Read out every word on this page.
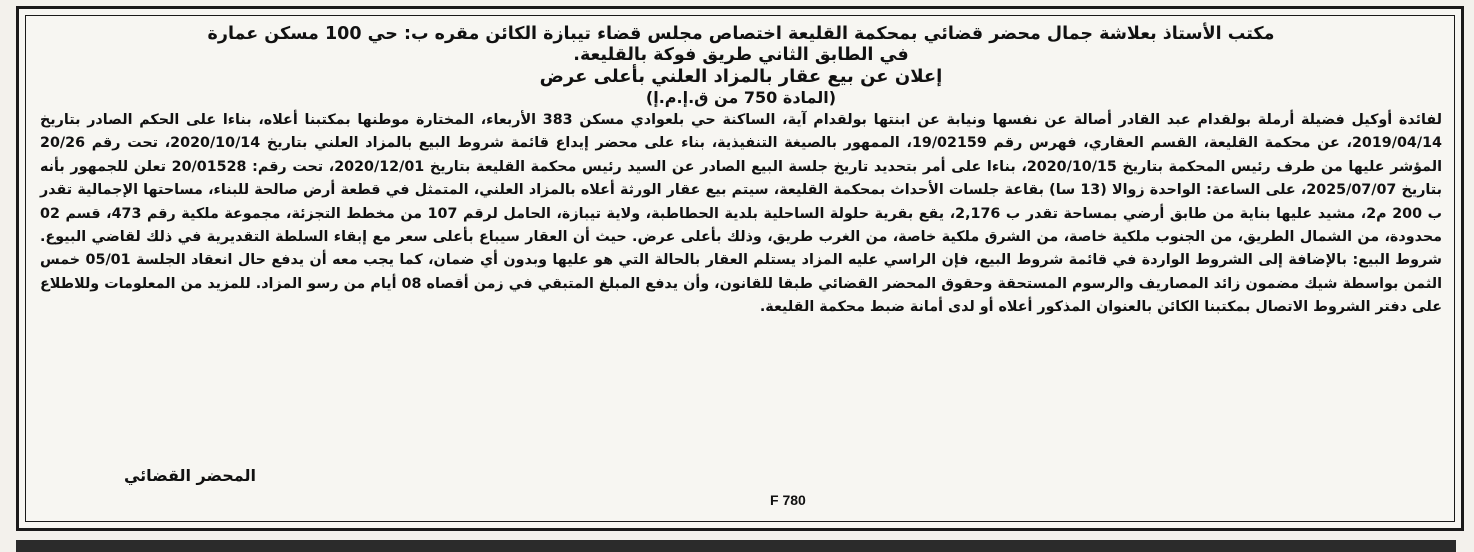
مكتب الأستاذ بعلاشة جمال محضر قضائي بمحكمة القليعة اختصاص مجلس قضاء تيبازة الكائن مقره ب: حي 100 مسكن عمارة
في الطابق الثاني طريق فوكة بالقليعة.
إعلان عن بيع عقار بالمزاد العلني بأعلى عرض
(المادة 750 من ق.إ.م.إ)
لفائدة أوكيل فضيلة أرملة بولقدام عبد القادر أصالة عن نفسها ونيابة عن ابنتها بولقدام آية، الساكنة حي بلعوادي مسكن 383 الأربعاء، المختارة موطنها بمكتبنا أعلاه، بناءا على الحكم الصادر بتاريخ 2019/04/14، عن محكمة القليعة، القسم العقاري، فهرس رقم 19/02159، الممهور بالصيغة التنفيذية، بناء على محضر إيداع قائمة شروط البيع بالمزاد العلني بتاريخ 2020/10/14، تحت رقم 20/26 المؤشر عليها من طرف رئيس المحكمة بتاريخ 2020/10/15، بناءا على أمر بتحديد تاريخ جلسة البيع الصادر عن السيد رئيس محكمة القليعة بتاريخ 2020/12/01، تحت رقم: 20/01528 تعلن للجمهور بأنه بتاريخ 2025/07/07، على الساعة: الواحدة زوالا (13 سا) بقاعة جلسات الأحداث بمحكمة القليعة، سيتم بيع عقار الورثة أعلاه بالمزاد العلني، المتمثل في قطعة أرض صالحة للبناء، مساحتها الإجمالية تقدر ب 200 م2، مشيد عليها بناية من طابق أرضي بمساحة تقدر ب 2,176، يقع بقرية حلولة الساحلية بلدية الحطاطبة، ولاية تيبازة، الحامل لرقم 107 من مخطط التجزئة، مجموعة ملكية رقم 473، قسم 02 محدودة، من الشمال الطريق، من الجنوب ملكية خاصة، من الشرق ملكية خاصة، من الغرب طريق، وذلك بأعلى عرض. حيث أن العقار سيباع بأعلى سعر مع إبقاء السلطة التقديرية في ذلك لقاضي البيوع. شروط البيع: بالإضافة إلى الشروط الواردة في قائمة شروط البيع، فإن الراسي عليه المزاد يستلم العقار بالحالة التي هو عليها وبدون أي ضمان، كما يجب معه أن يدفع حال انعقاد الجلسة 05/01 خمس الثمن بواسطة شيك مضمون زائد المصاريف والرسوم المستحقة وحقوق المحضر القضائي طبقا للقانون، وأن يدفع المبلغ المتبقي في زمن أقصاه 08 أيام من رسو المزاد. للمزيد من المعلومات وللاطلاع على دفتر الشروط الاتصال بمكتبنا الكائن بالعنوان المذكور أعلاه أو لدى أمانة ضبط محكمة القليعة.
المحضر القضائي
F 780
